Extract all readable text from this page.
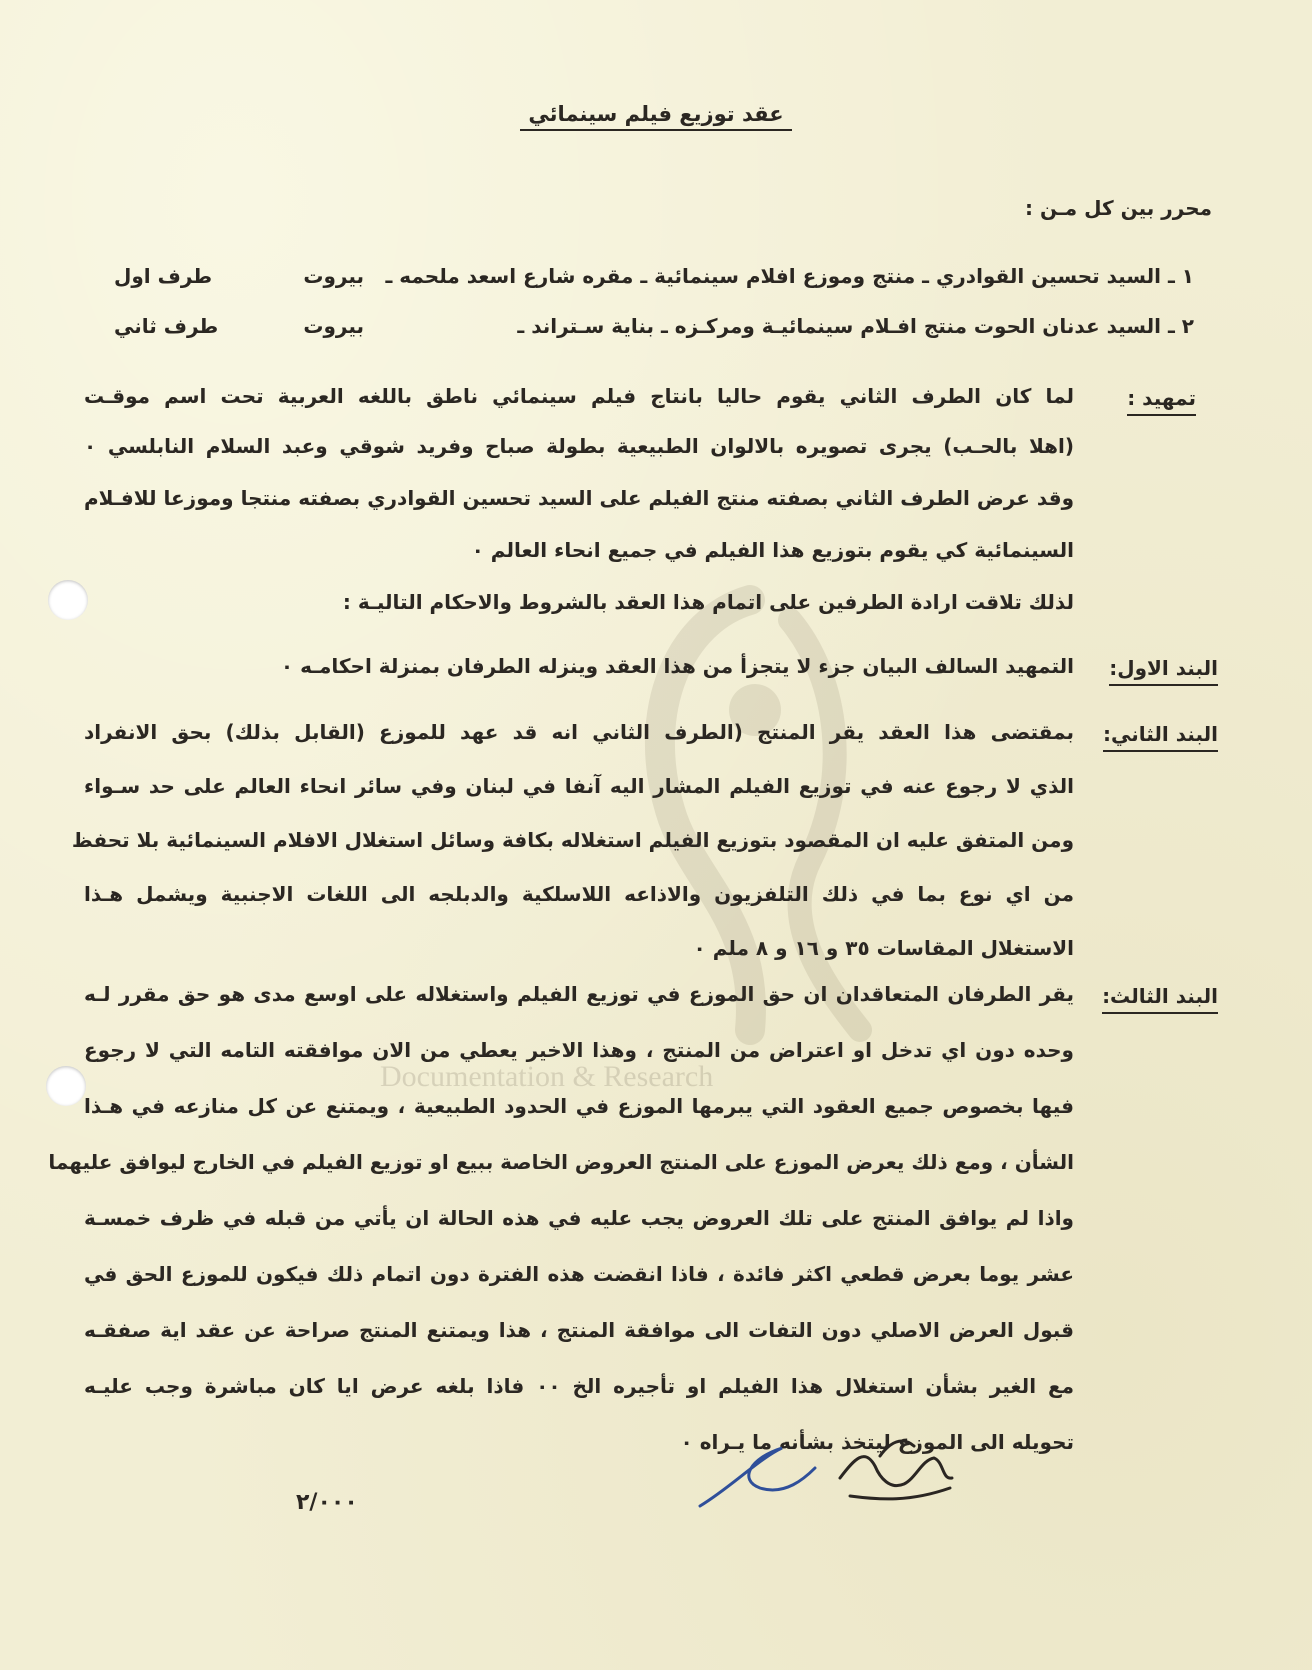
Documentation & Research
عقد توزيع فيلم سينمائي
محرر بين كل مـن :
١ ـ السيد تحسين القوادري ـ منتج وموزع افلام سينمائية ـ مقره شارع اسعد ملحمه ـ
بيروت
طرف اول
٢ ـ السيد عدنان الحوت منتج افـلام سينمائيـة ومركـزه ـ بناية سـتراند ـ
بيروت
طرف ثاني
تمهيد :
لما كان الطرف الثاني يقوم حاليا بانتاج فيلم سينمائي ناطق باللغه العربية تحت اسم موقـت
(اهلا بالحـب) يجرى تصويره بالالوان الطبيعية بطولة صباح وفريد شوقي وعبد السلام النابلسي ٠
وقد عرض الطرف الثاني بصفته منتج الفيلم على السيد تحسين القوادري بصفته منتجا وموزعا للافـلام
السينمائية كي يقوم بتوزيع هذا الفيلم في جميع انحاء العالم ٠
لذلك تلاقت ارادة الطرفين على اتمام هذا العقد بالشروط والاحكام التاليـة :
البند الاول:
التمهيد السالف البيان جزء لا يتجزأ من هذا العقد وينزله الطرفان بمنزلة احكامـه ٠
البند الثاني:
بمقتضى هذا العقد يقر المنتج (الطرف الثاني انه قد عهد للموزع (القابل بذلك) بحق الانفراد
الذي لا رجوع عنه في توزيع الفيلم المشار اليه آنفا في لبنان وفي سائر انحاء العالم على حد سـواء
ومن المتفق عليه ان المقصود بتوزيع الفيلم استغلاله بكافة وسائل استغلال الافلام السينمائية بلا تحفظ
من اي نوع بما في ذلك التلفزيون والاذاعه اللاسلكية والدبلجه الى اللغات الاجنبية ويشمل هـذا
الاستغلال المقاسات ٣٥ و ١٦ و ٨ ملم ٠
البند الثالث:
يقر الطرفان المتعاقدان ان حق الموزع في توزيع الفيلم واستغلاله على اوسع مدى هو حق مقرر لـه
وحده دون اي تدخل او اعتراض من المنتج ، وهذا الاخير يعطي من الان موافقته التامه التي لا رجوع
فيها بخصوص جميع العقود التي يبرمها الموزع في الحدود الطبيعية ، ويمتنع عن كل منازعه في هـذا
الشأن ، ومع ذلك يعرض الموزع على المنتج العروض الخاصة ببيع او توزيع الفيلم في الخارج ليوافق عليهما
واذا لم يوافق المنتج على تلك العروض يجب عليه في هذه الحالة ان يأتي من قبله في ظرف خمسـة
عشر يوما بعرض قطعي اكثر فائدة ، فاذا انقضت هذه الفترة دون اتمام ذلك فيكون للموزع الحق في
قبول العرض الاصلي دون التفات الى موافقة المنتج ، هذا ويمتنع المنتج صراحة عن عقد اية صفقـه
مع الغير بشأن استغلال هذا الفيلم او تأجيره الخ ٠٠ فاذا بلغه عرض ايا كان مباشرة وجب عليـه
تحويله الى الموزع ليتخذ بشأنه ما يـراه ٠
٢/٠٠٠
